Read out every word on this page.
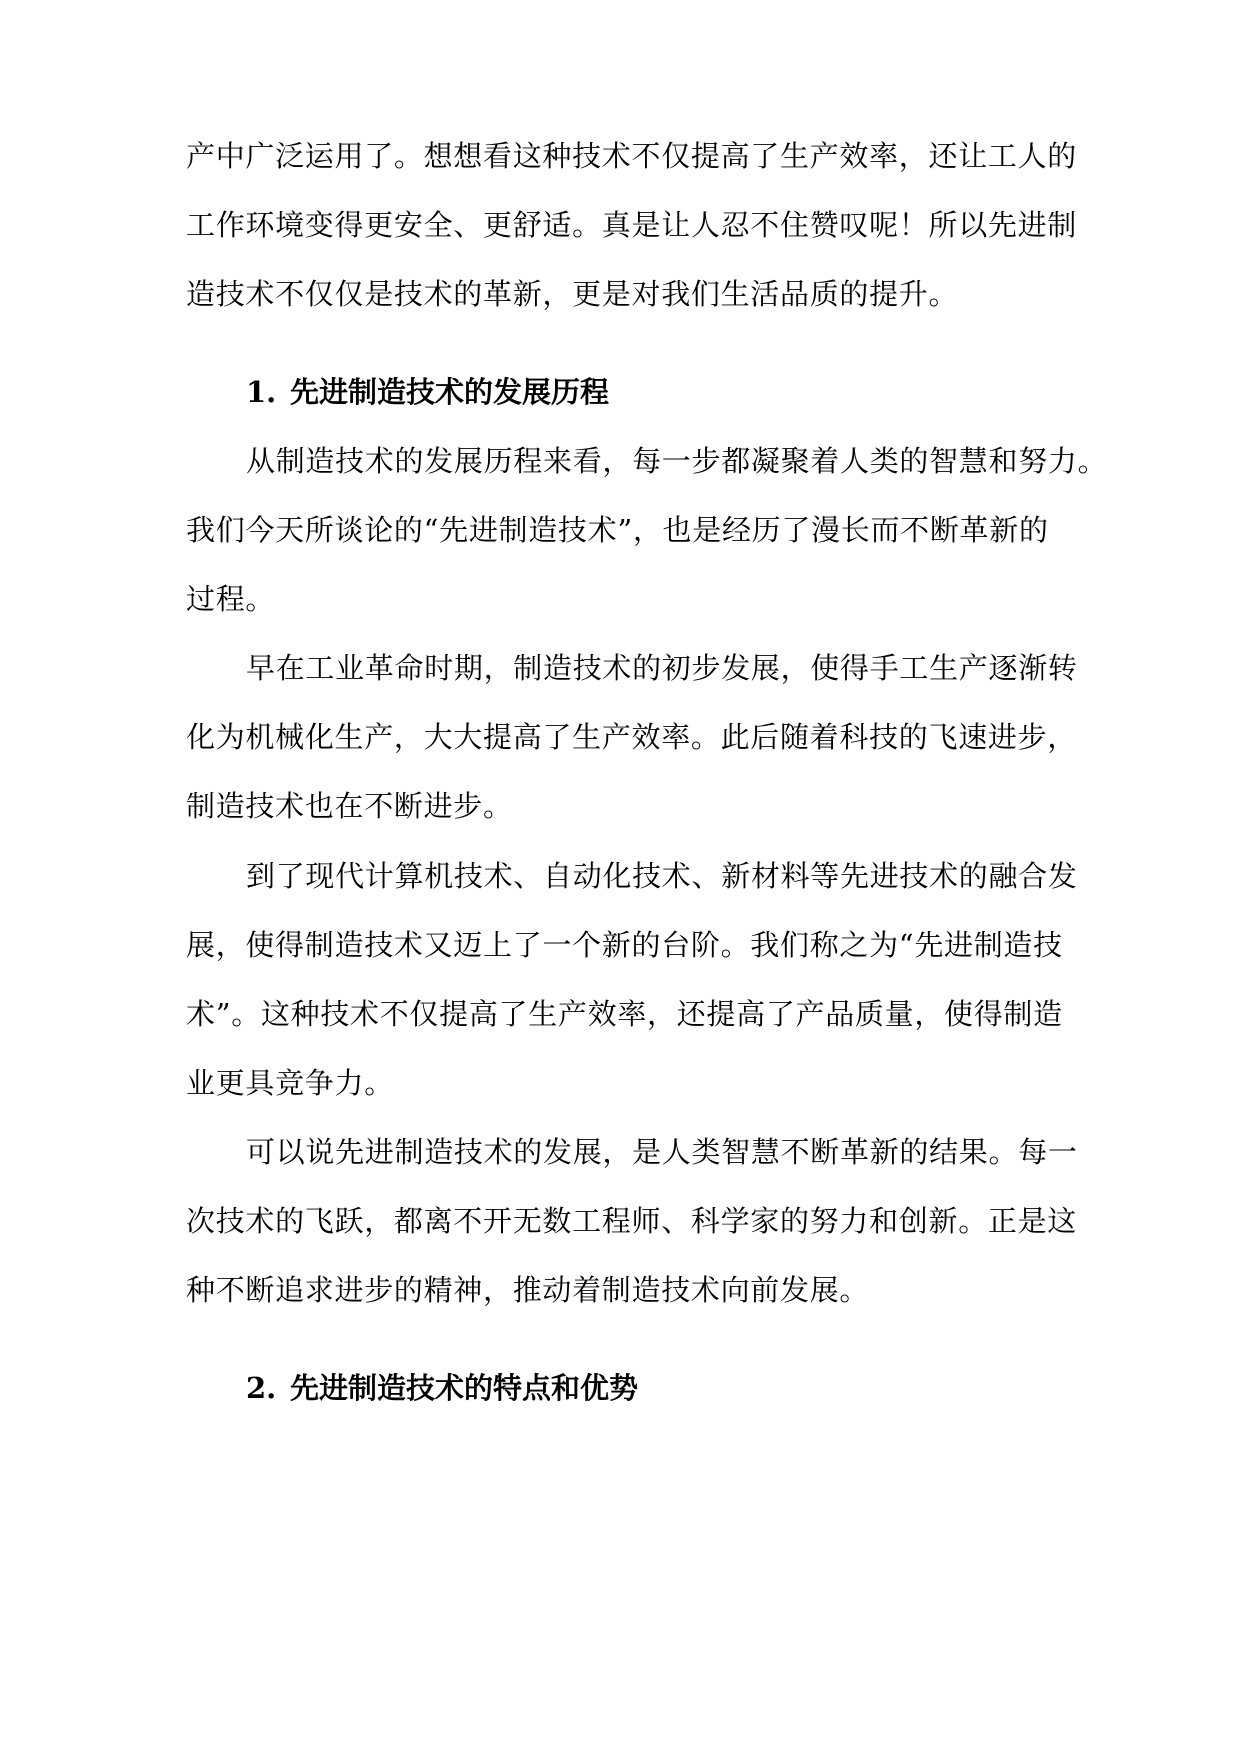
产中广泛运用了。想想看这种技术不仅提高了生产效率，还让工人的
工作环境变得更安全、更舒适。真是让人忍不住赞叹呢！所以先进制
造技术不仅仅是技术的革新，更是对我们生活品质的提升。
1. 先进制造技术的发展历程
从制造技术的发展历程来看，每一步都凝聚着人类的智慧和努力。
我们今天所谈论的“先进制造技术”，也是经历了漫长而不断革新的
过程。
早在工业革命时期，制造技术的初步发展，使得手工生产逐渐转
化为机械化生产，大大提高了生产效率。此后随着科技的飞速进步，
制造技术也在不断进步。
到了现代计算机技术、自动化技术、新材料等先进技术的融合发
展，使得制造技术又迈上了一个新的台阶。我们称之为“先进制造技
术”。这种技术不仅提高了生产效率，还提高了产品质量，使得制造
业更具竞争力。
可以说先进制造技术的发展，是人类智慧不断革新的结果。每一
次技术的飞跃，都离不开无数工程师、科学家的努力和创新。正是这
种不断追求进步的精神，推动着制造技术向前发展。
2. 先进制造技术的特点和优势
